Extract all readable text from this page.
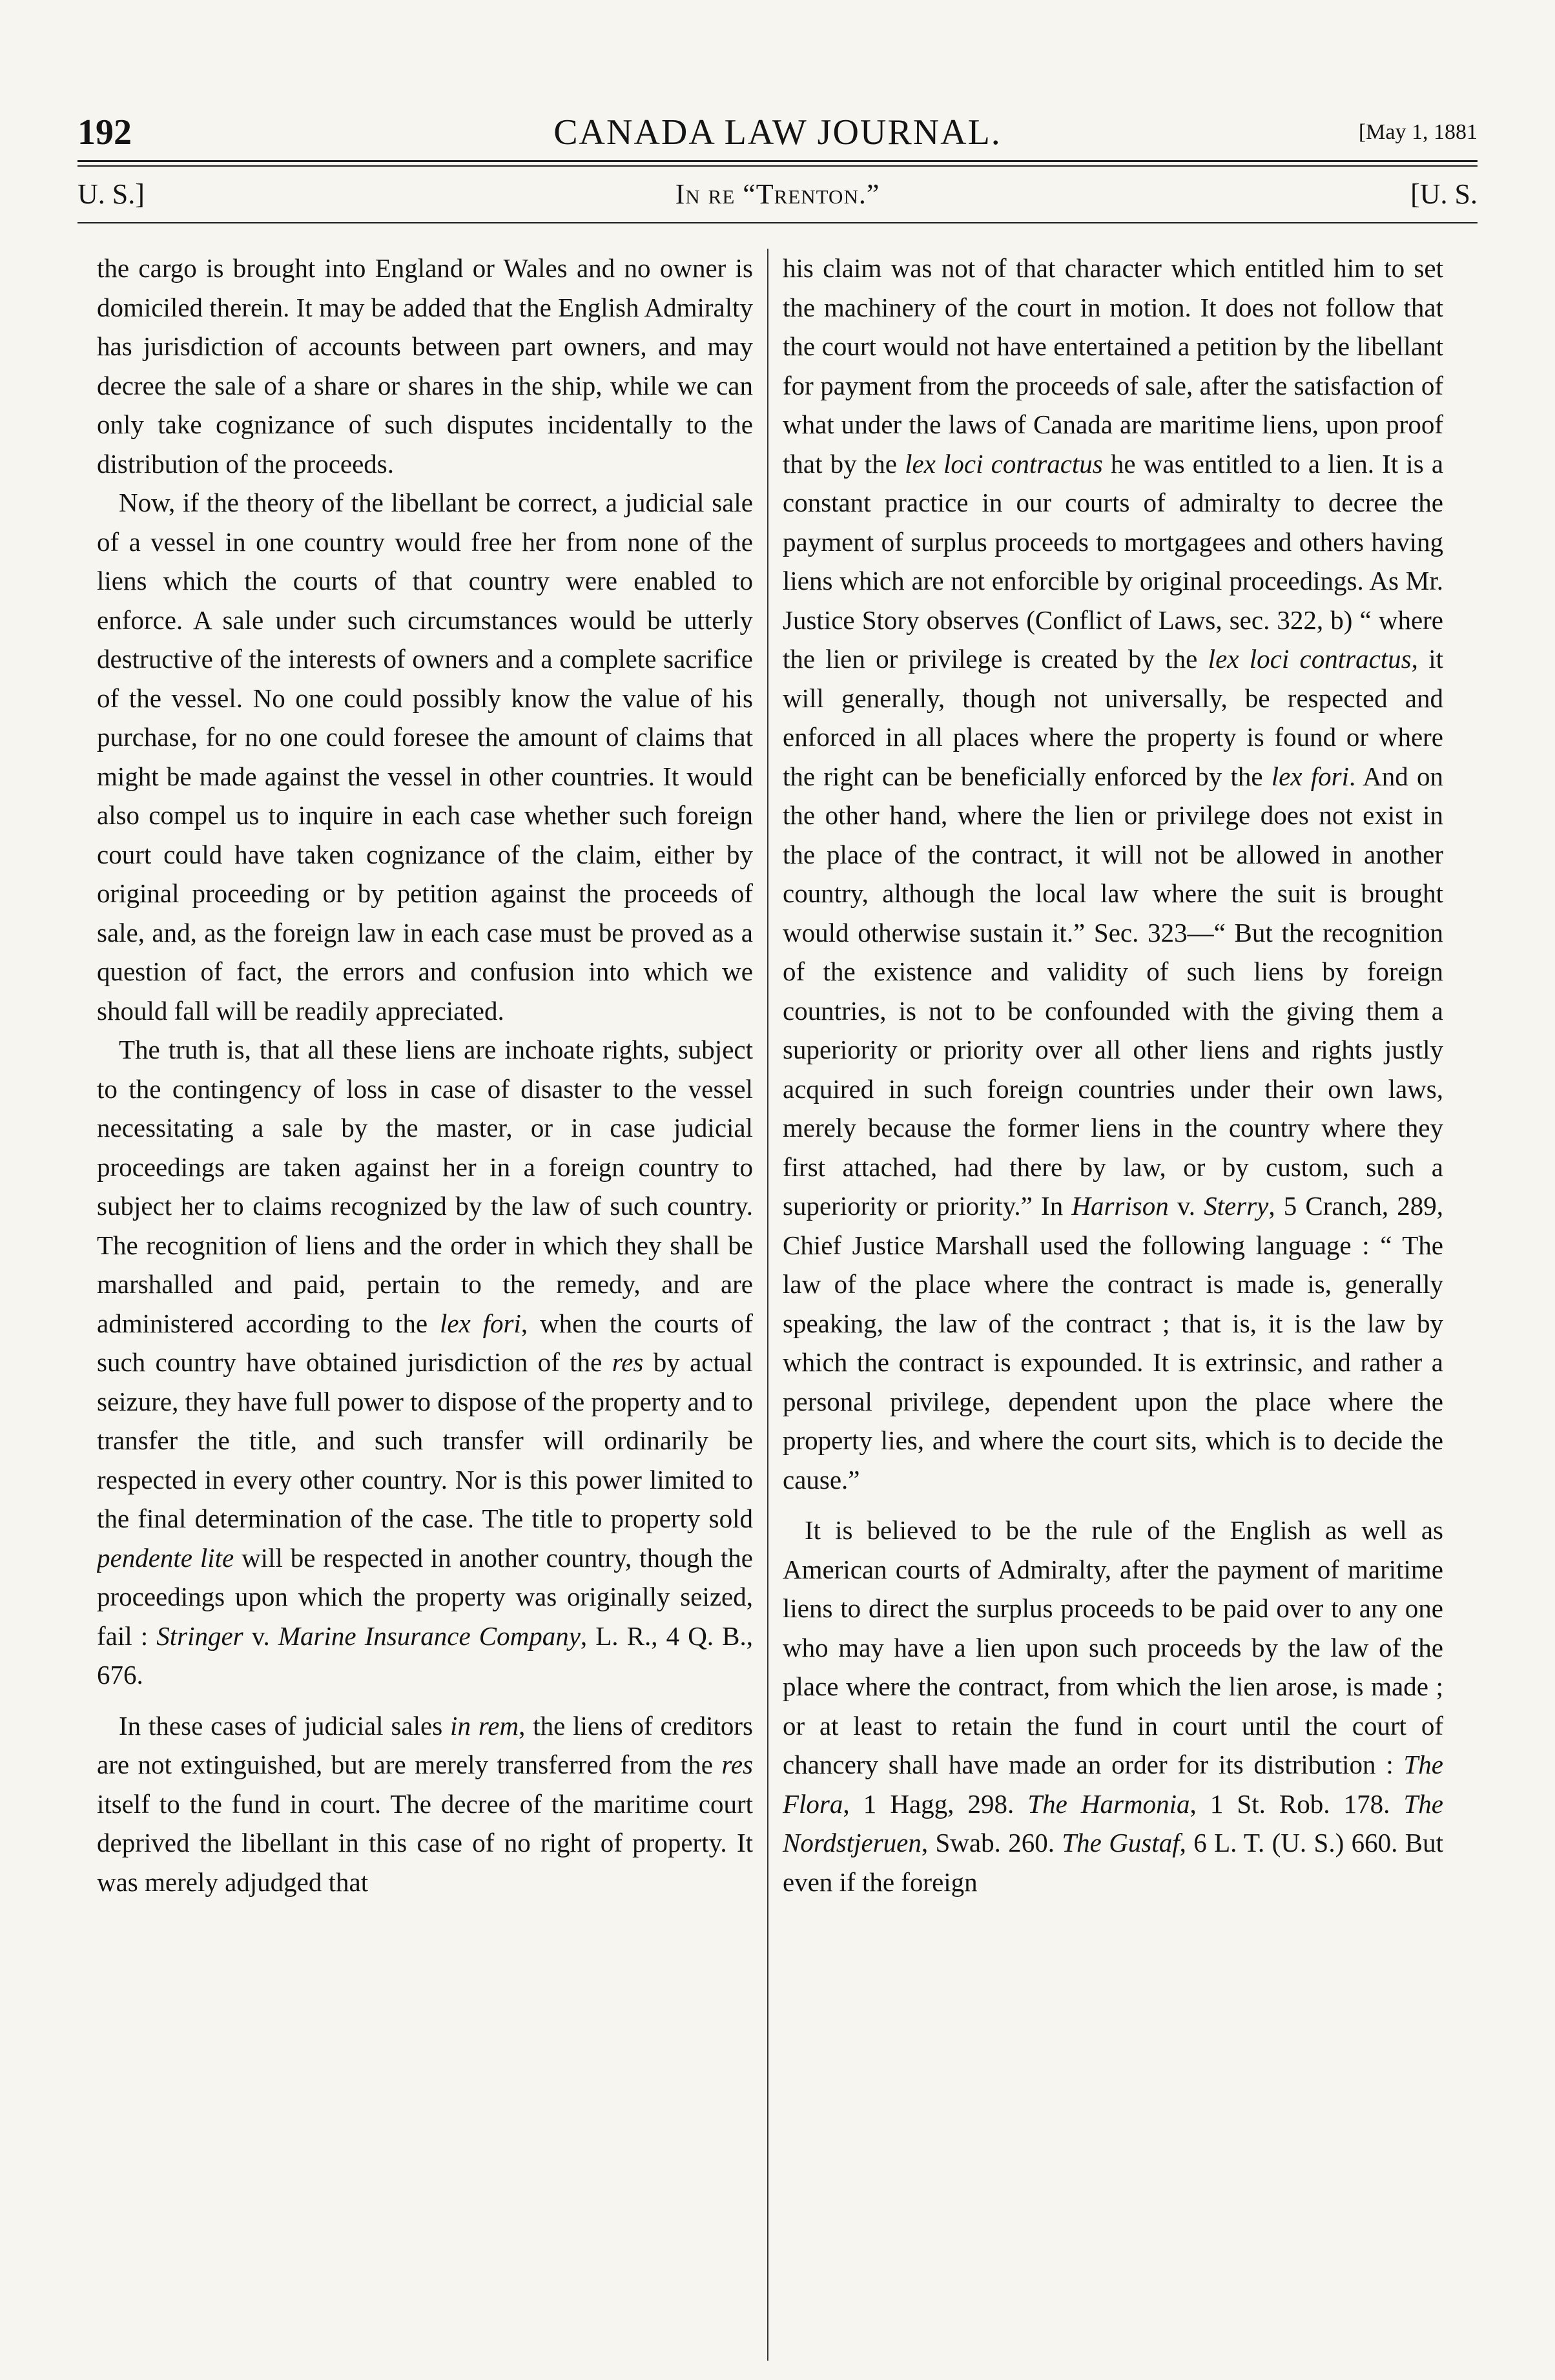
192	CANADA LAW JOURNAL.	[May 1, 1881
U. S.]	In re “Trenton.”	[U. S.

the cargo is brought into England or Wales and no owner is domiciled therein. It may be added that the English Admiralty has jurisdiction of accounts between part owners, and may decree the sale of a share or shares in the ship, while we can only take cognizance of such disputes incidentally to the distribution of the proceeds.

Now, if the theory of the libellant be correct, a judicial sale of a vessel in one country would free her from none of the liens which the courts of that country were enabled to enforce. A sale under such circumstances would be utterly destructive of the interests of owners and a complete sacrifice of the vessel. No one could possibly know the value of his purchase, for no one could foresee the amount of claims that might be made against the vessel in other countries. It would also compel us to inquire in each case whether such foreign court could have taken cognizance of the claim, either by original proceeding or by petition against the proceeds of sale, and, as the foreign law in each case must be proved as a question of fact, the errors and confusion into which we should fall will be readily appreciated.

The truth is, that all these liens are inchoate rights, subject to the contingency of loss in case of disaster to the vessel necessitating a sale by the master, or in case judicial proceedings are taken against her in a foreign country to subject her to claims recognized by the law of such country. The recognition of liens and the order in which they shall be marshalled and paid, pertain to the remedy, and are administered according to the lex fori, when the courts of such country have obtained jurisdiction of the res by actual seizure, they have full power to dispose of the property and to transfer the title, and such transfer will ordinarily be respected in every other country. Nor is this power limited to the final determination of the case. The title to property sold pendente lite will be respected in another country, though the proceedings upon which the property was originally seized, fail : Stringer v. Marine Insurance Company, L. R., 4 Q. B., 676.

In these cases of judicial sales in rem, the liens of creditors are not extinguished, but are merely transferred from the res itself to the fund in court. The decree of the maritime court deprived the libellant in this case of no right of property. It was merely adjudged that

his claim was not of that character which entitled him to set the machinery of the court in motion. It does not follow that the court would not have entertained a petition by the libellant for payment from the proceeds of sale, after the satisfaction of what under the laws of Canada are maritime liens, upon proof that by the lex loci contractus he was entitled to a lien. It is a constant practice in our courts of admiralty to decree the payment of surplus proceeds to mortgagees and others having liens which are not enforcible by original proceedings. As Mr. Justice Story observes (Conflict of Laws, sec. 322, b) “ where the lien or privilege is created by the lex loci contractus, it will generally, though not universally, be respected and enforced in all places where the property is found or where the right can be beneficially enforced by the lex fori. And on the other hand, where the lien or privilege does not exist in the place of the contract, it will not be allowed in another country, although the local law where the suit is brought would otherwise sustain it.” Sec. 323—“ But the recognition of the existence and validity of such liens by foreign countries, is not to be confounded with the giving them a superiority or priority over all other liens and rights justly acquired in such foreign countries under their own laws, merely because the former liens in the country where they first attached, had there by law, or by custom, such a superiority or priority.” In Harrison v. Sterry, 5 Cranch, 289, Chief Justice Marshall used the following language : “ The law of the place where the contract is made is, generally speaking, the law of the contract ; that is, it is the law by which the contract is expounded. It is extrinsic, and rather a personal privilege, dependent upon the place where the property lies, and where the court sits, which is to decide the cause.”

It is believed to be the rule of the English as well as American courts of Admiralty, after the payment of maritime liens to direct the surplus proceeds to be paid over to any one who may have a lien upon such proceeds by the law of the place where the contract, from which the lien arose, is made ; or at least to retain the fund in court until the court of chancery shall have made an order for its distribution : The Flora, 1 Hagg, 298. The Harmonia, 1 St. Rob. 178. The Nordstjeruen, Swab. 260. The Gustaf, 6 L. T. (U. S.) 660. But even if the foreign
